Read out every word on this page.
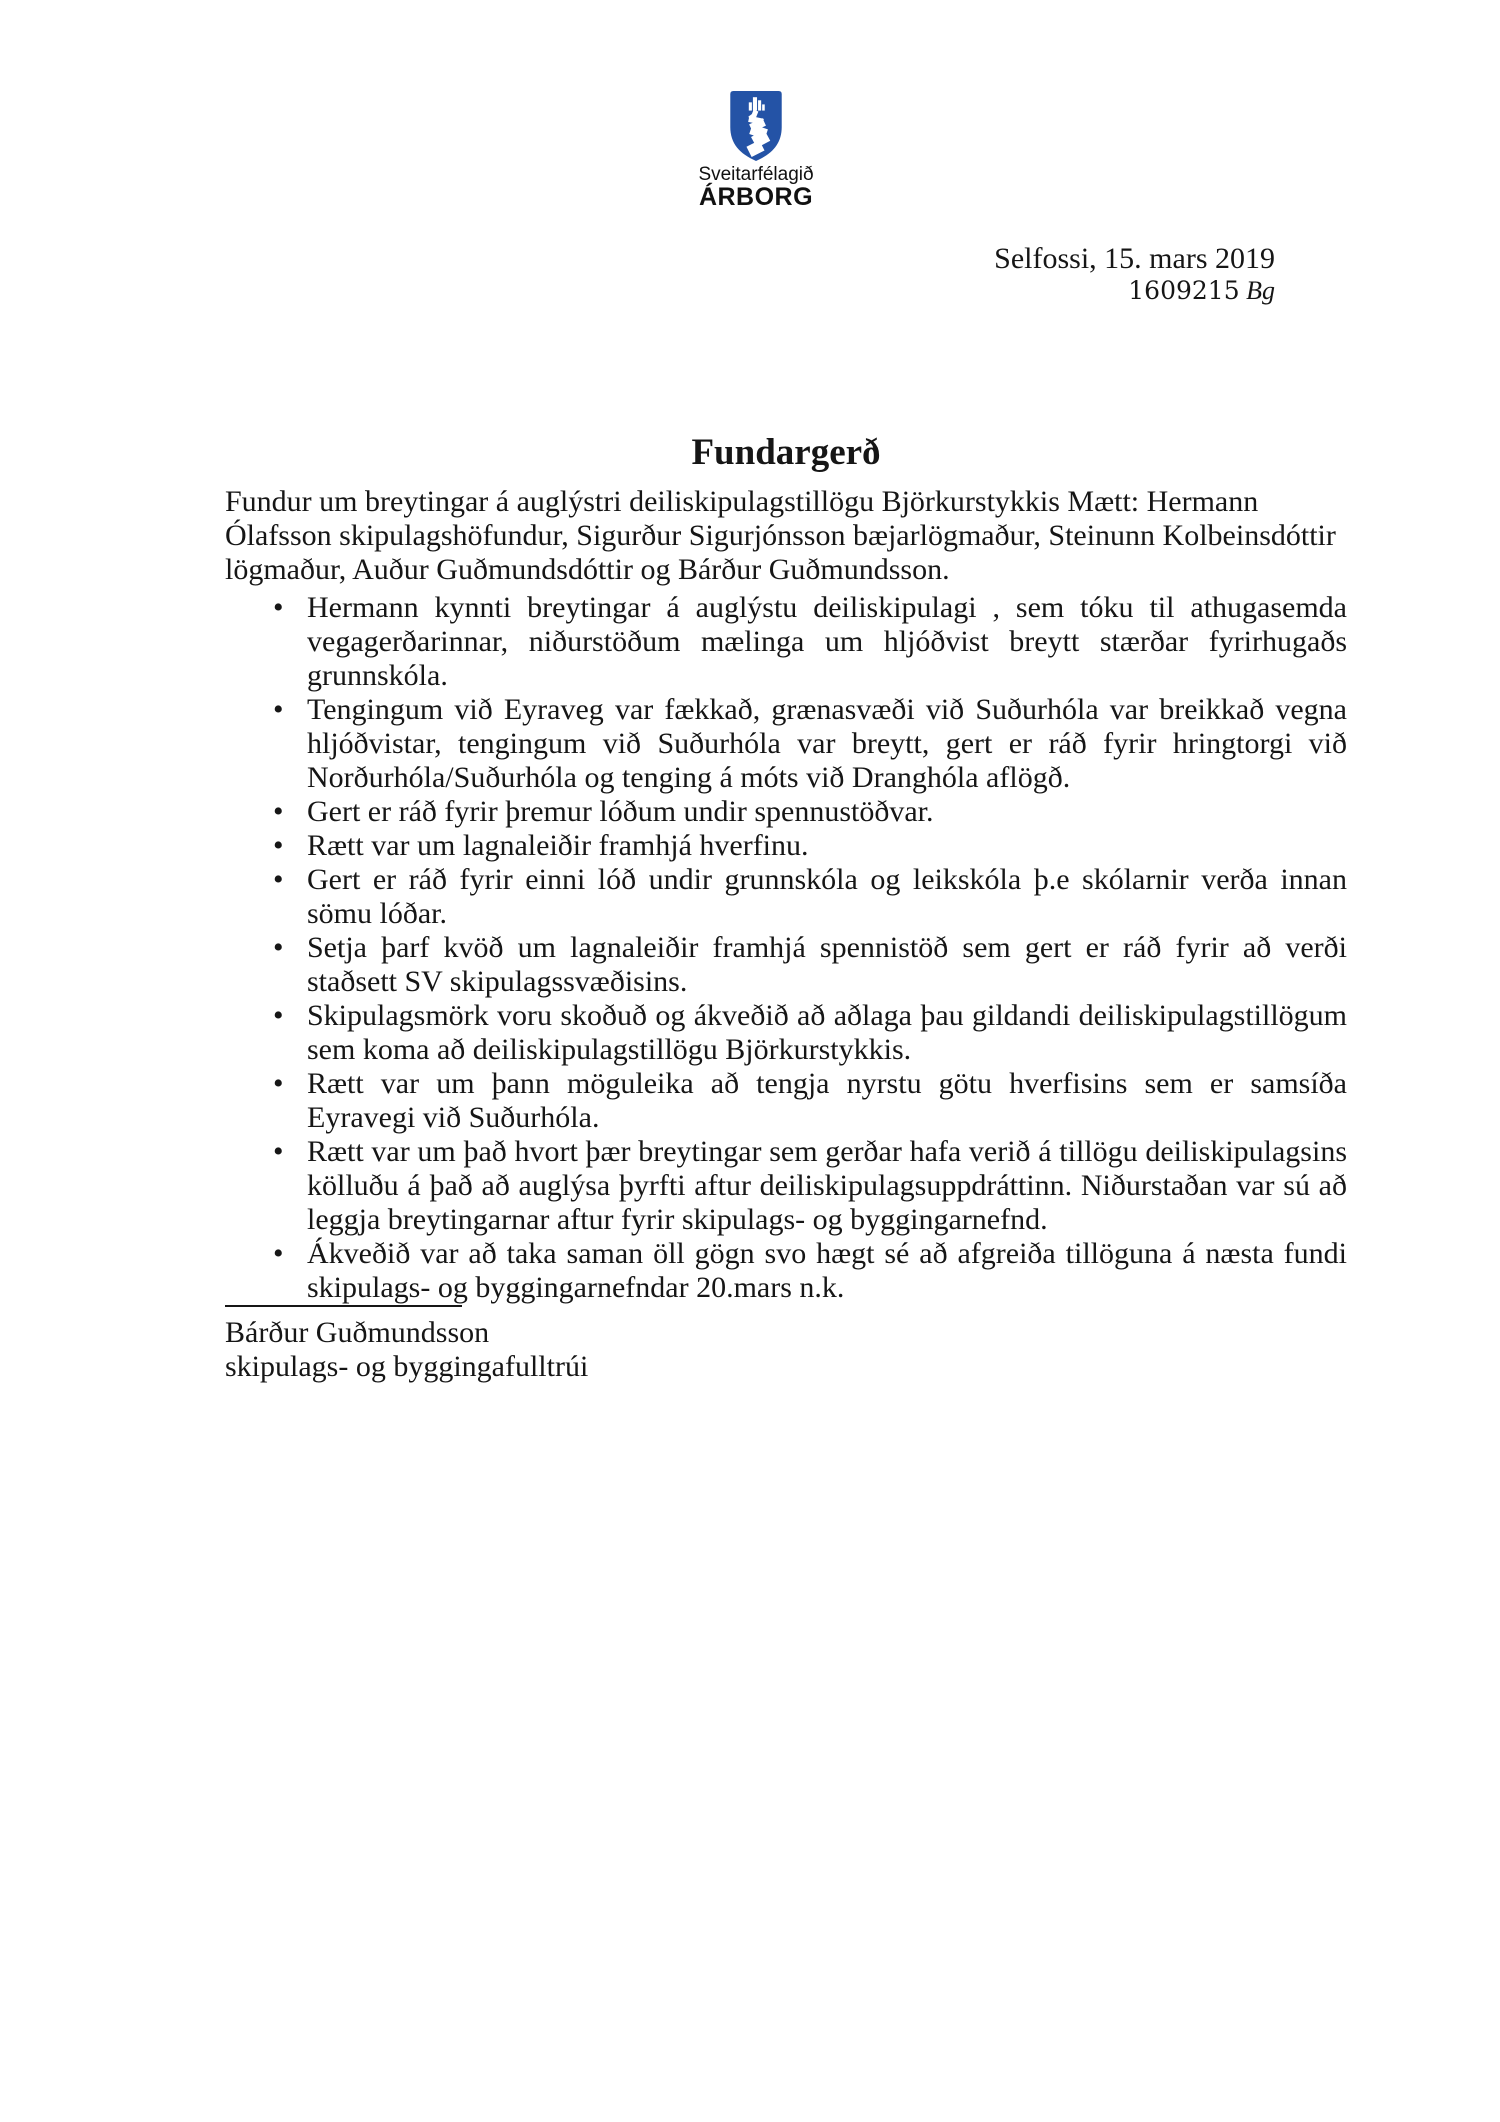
Sveitarfélagið
ÁRBORG
Selfossi, 15. mars 2019
1609215 Bg
Fundargerð

Fundur um breytingar á auglýstri deiliskipulagstillögu Björkurstykkis Mætt: Hermann Ólafsson skipulagshöfundur, Sigurður Sigurjónsson bæjarlögmaður, Steinunn Kolbeinsdóttir lögmaður, Auður Guðmundsdóttir og Bárður Guðmundsson.

• Hermann kynnti breytingar á auglýstu deiliskipulagi , sem tóku til athugasemda vegagerðarinnar, niðurstöðum mælinga um hljóðvist breytt stærðar fyrirhugaðs grunnskóla.
• Tengingum við Eyraveg var fækkað, grænasvæði við Suðurhóla var breikkað vegna hljóðvistar, tengingum við Suðurhóla var breytt, gert er ráð fyrir hringtorgi við Norðurhóla/Suðurhóla og tenging á móts við Dranghóla aflögð.
• Gert er ráð fyrir þremur lóðum undir spennustöðvar.
• Rætt var um lagnaleiðir framhjá hverfinu.
• Gert er ráð fyrir einni lóð undir grunnskóla og leikskóla þ.e skólarnir verða innan sömu lóðar.
• Setja þarf kvöð um lagnaleiðir framhjá spennistöð sem gert er ráð fyrir að verði staðsett SV skipulagssvæðisins.
• Skipulagsmörk voru skoðuð og ákveðið að aðlaga þau gildandi deiliskipulagstillögum sem koma að deiliskipulagstillögu Björkurstykkis.
• Rætt var um þann möguleika að tengja nyrstu götu hverfisins sem er samsíða Eyravegi við Suðurhóla.
• Rætt var um það hvort þær breytingar sem gerðar hafa verið á tillögu deiliskipulagsins kölluðu á það að auglýsa þyrfti aftur deiliskipulagsuppdráttinn. Niðurstaðan var sú að leggja breytingarnar aftur fyrir skipulags- og byggingarnefnd.
• Ákveðið var að taka saman öll gögn svo hægt sé að afgreiða tillöguna á næsta fundi skipulags- og byggingarnefndar 20.mars n.k.
Bárður Guðmundsson
skipulags- og byggingafulltrúi
